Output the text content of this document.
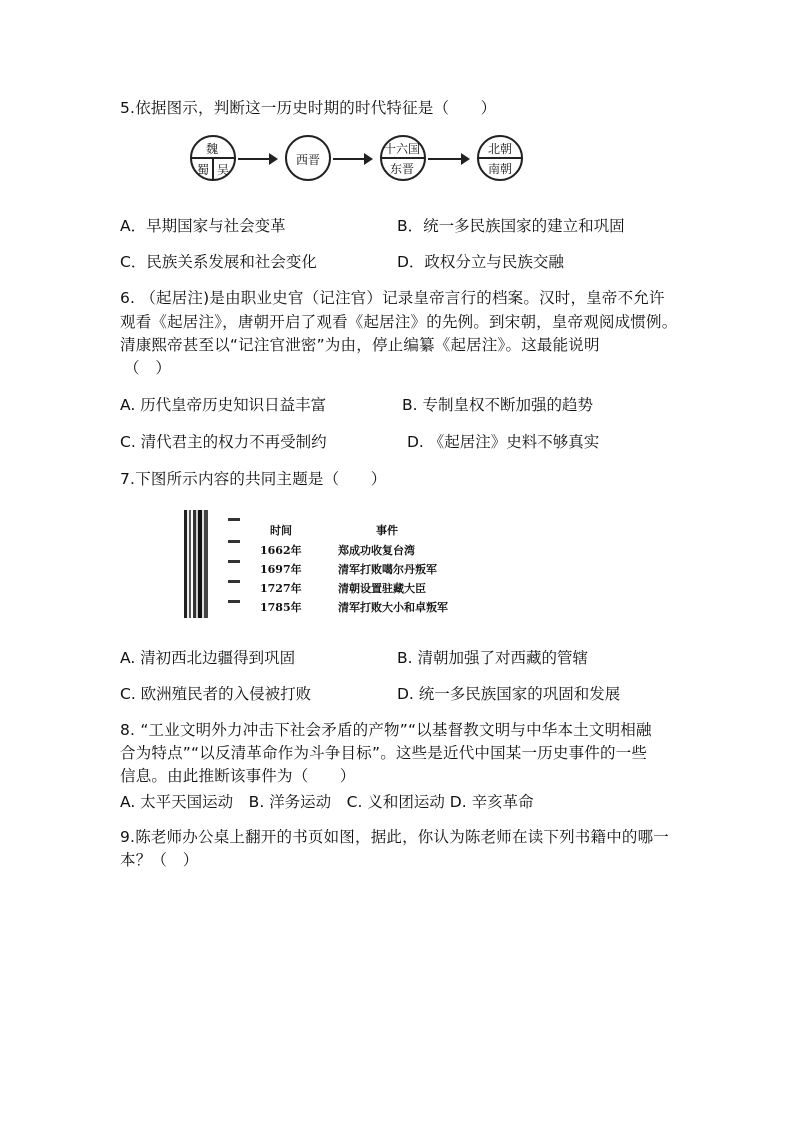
5.依据图示，判断这一历史时期的时代特征是（　　）
魏
蜀 吴
西晋
十六国
东晋
北朝
南朝
A．早期国家与社会变革	B．统一多民族国家的建立和巩固
C．民族关系发展和社会变化	D．政权分立与民族交融
6. （起居注)是由职业史官（记注官）记录皇帝言行的档案。汉时，皇帝不允许
观看《起居注》，唐朝开启了观看《起居注》的先例。到宋朝，皇帝观阅成惯例。
清康熙帝甚至以“记注官泄密”为由，停止编纂《起居注》。这最能说明
（　）
A. 历代皇帝历史知识日益丰富	B. 专制皇权不断加强的趋势
C. 清代君主的权力不再受制约	D. 《起居注》史料不够真实
7.下图所示内容的共同主题是（　　）
时间	事件
1662年	郑成功收复台湾
1697年	清军打败噶尔丹叛军
1727年	清朝设置驻藏大臣
1785年	清军打败大小和卓叛军
A. 清初西北边疆得到巩固	B. 清朝加强了对西藏的管辖
C. 欧洲殖民者的入侵被打败	D. 统一多民族国家的巩固和发展
8. “工业文明外力冲击下社会矛盾的产物”“以基督教文明与中华本土文明相融
合为特点”“以反清革命作为斗争目标”。这些是近代中国某一历史事件的一些
信息。由此推断该事件为（　　）
A. 太平天国运动　B. 洋务运动　C. 义和团运动 D. 辛亥革命
9.陈老师办公桌上翻开的书页如图，据此，你认为陈老师在读下列书籍中的哪一
本？（　）
